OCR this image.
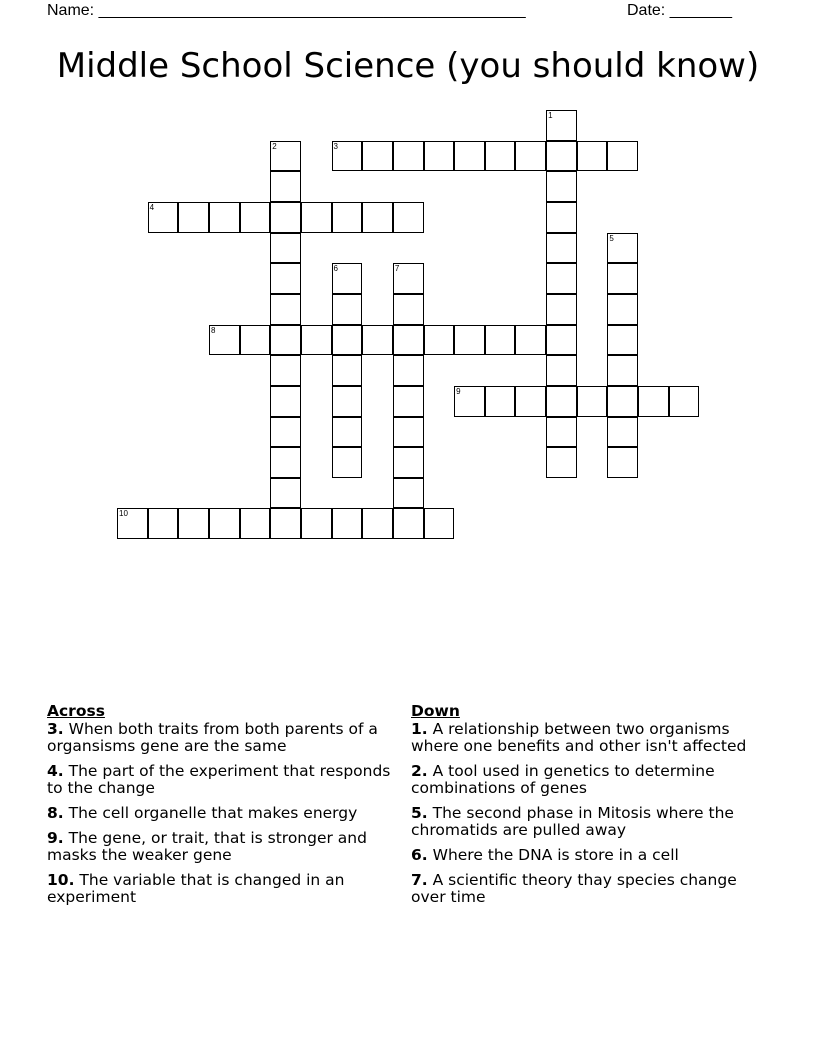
Name: ________________________________________________	Date: _______
Middle School Science (you should know)
1
2	3
4
5
6	7
8
9
10
Across
3. When both traits from both parents of a organsisms gene are the same
4. The part of the experiment that responds to the change
8. The cell organelle that makes energy
9. The gene, or trait, that is stronger and masks the weaker gene
10. The variable that is changed in an experiment
Down
1. A relationship between two organisms where one benefits and other isn't affected
2. A tool used in genetics to determine combinations of genes
5. The second phase in Mitosis where the chromatids are pulled away
6. Where the DNA is store in a cell
7. A scientific theory thay species change over time
